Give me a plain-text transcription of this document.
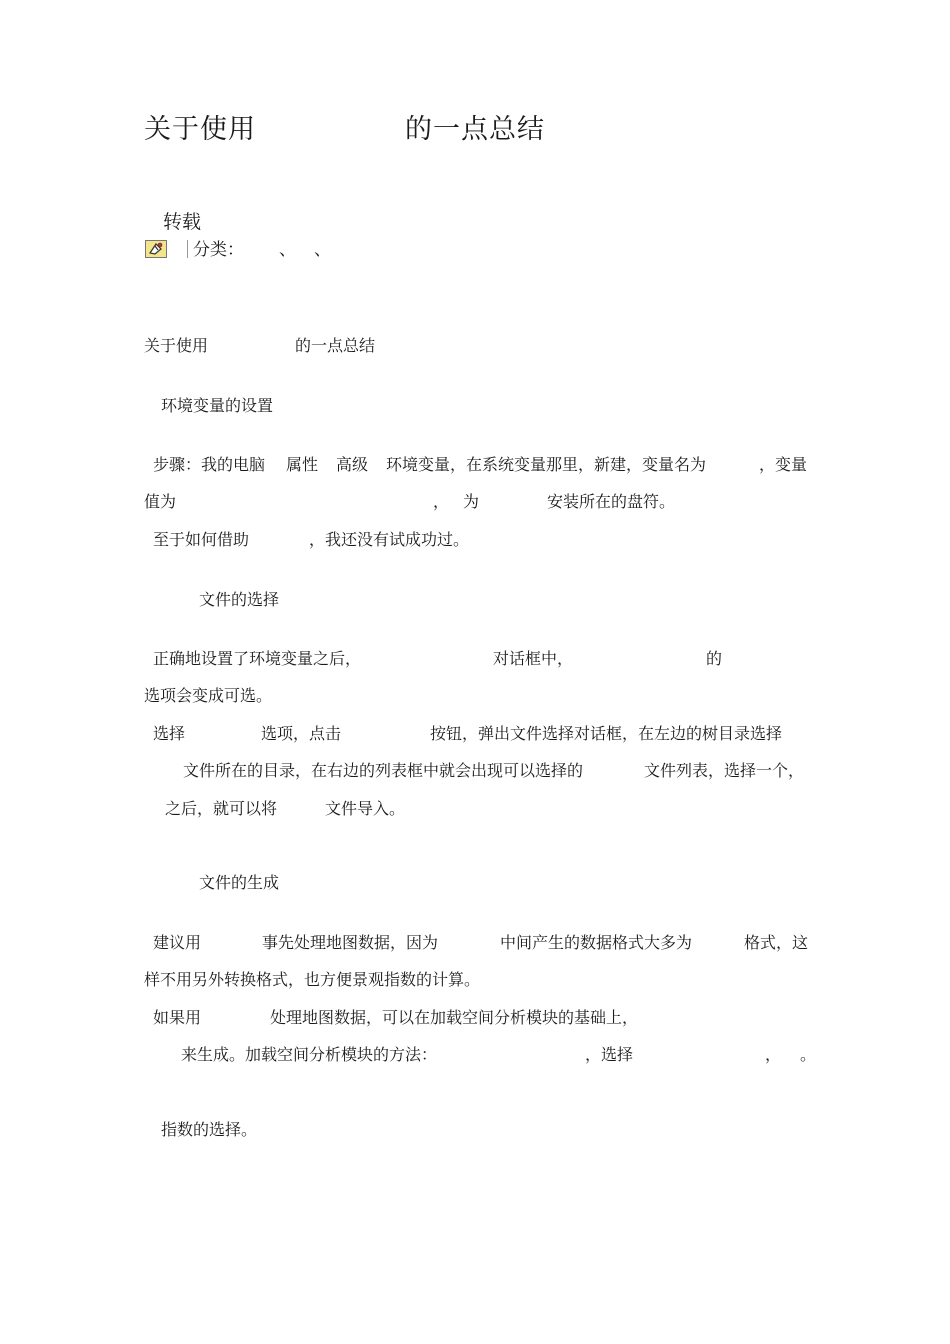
关于使用	的一点总结
转载
分类： 、 、
关于使用	的一点总结
环境变量的设置
步骤：我的电脑 属性 高级 环境变量，在系统变量那里，新建，变量名为	，变量
值为	， 为	安装所在的盘符。
至于如何借助	，我还没有试成功过。
文件的选择
正确地设置了环境变量之后，	对话框中，	的
选项会变成可选。
选择	选项，点击	按钮，弹出文件选择对话框，在左边的树目录选择
文件所在的目录，在右边的列表框中就会出现可以选择的	文件列表，选择一个，
之后，就可以将	文件导入。
文件的生成
建议用	事先处理地图数据，因为	中间产生的数据格式大多为	格式，这
样不用另外转换格式，也方便景观指数的计算。
如果用	处理地图数据，可以在加载空间分析模块的基础上，
来生成。加载空间分析模块的方法：	，选择	， 。
指数的选择。
